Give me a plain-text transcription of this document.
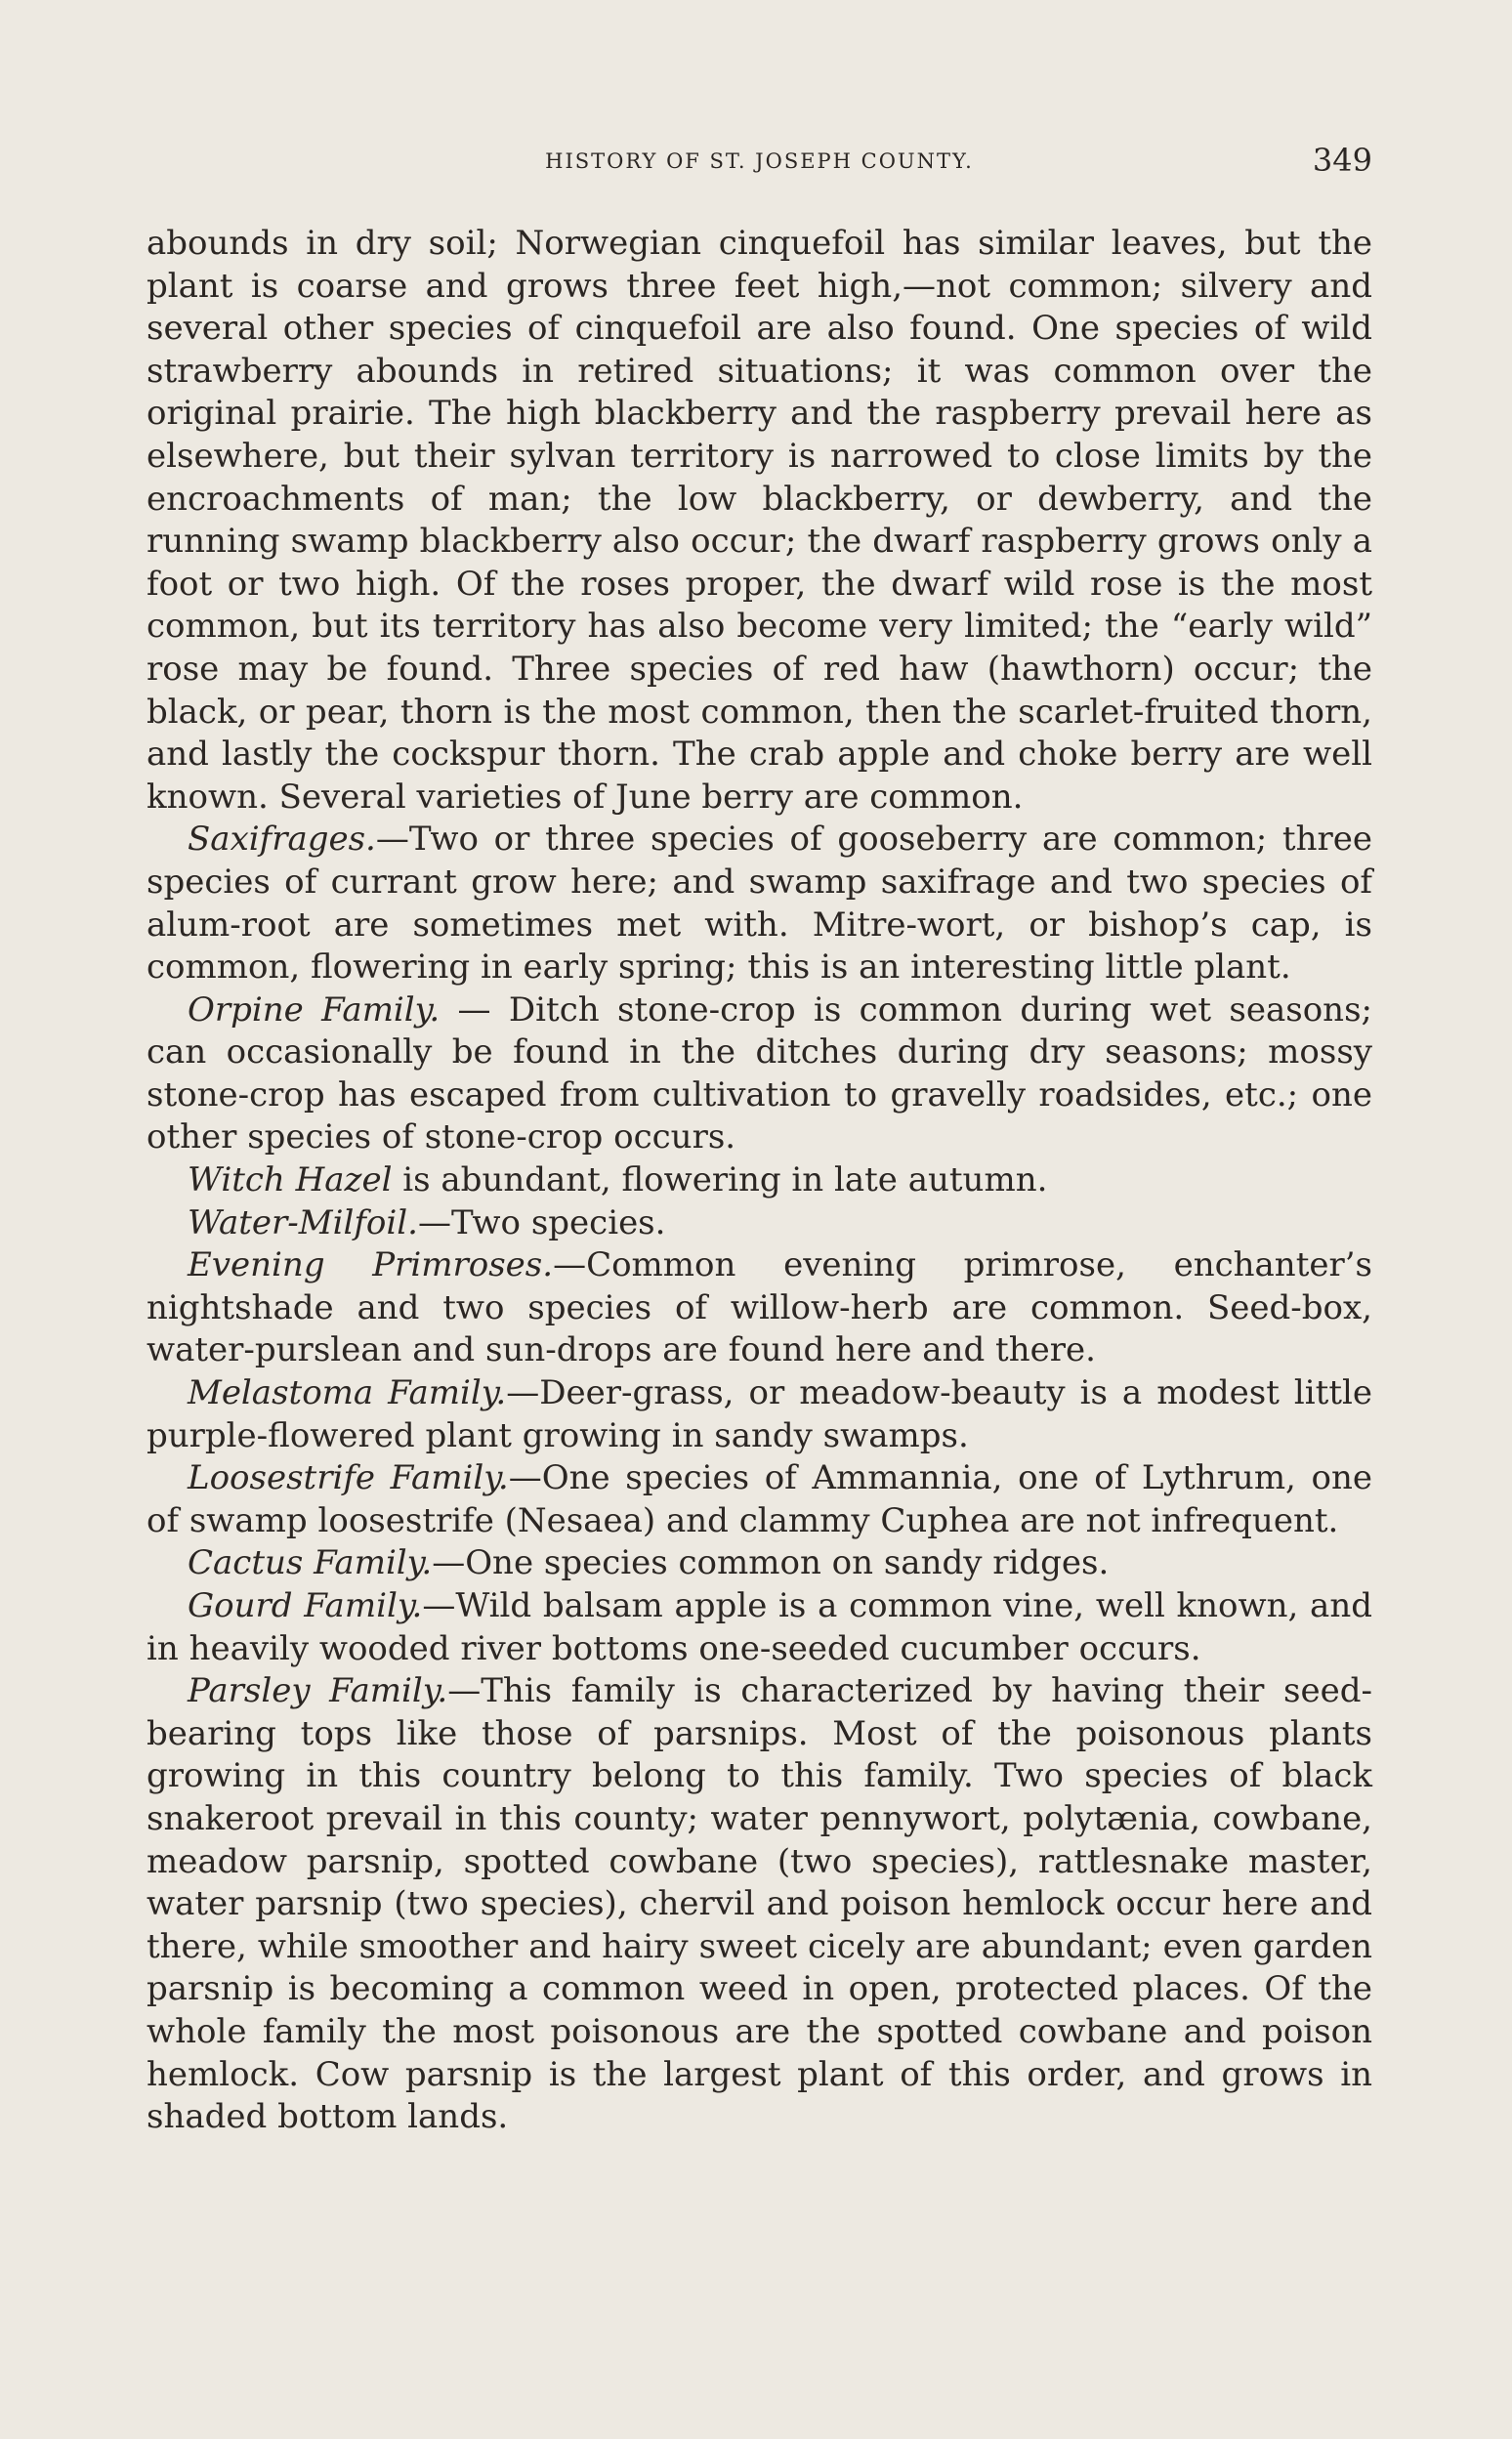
HISTORY OF ST. JOSEPH COUNTY.	349

abounds in dry soil; Norwegian cinquefoil has similar leaves, but the plant is coarse and grows three feet high,—not common; silvery and several other species of cinquefoil are also found. One species of wild strawberry abounds in retired situations; it was common over the original prairie. The high blackberry and the raspberry prevail here as elsewhere, but their sylvan territory is narrowed to close limits by the encroachments of man; the low blackberry, or dewberry, and the running swamp blackberry also occur; the dwarf raspberry grows only a foot or two high. Of the roses proper, the dwarf wild rose is the most common, but its territory has also become very limited; the “early wild” rose may be found. Three species of red haw (hawthorn) occur; the black, or pear, thorn is the most common, then the scarlet-fruited thorn, and lastly the cockspur thorn. The crab apple and choke berry are well known. Several varieties of June berry are common.

Saxifrages.—Two or three species of gooseberry are common; three species of currant grow here; and swamp saxifrage and two species of alum-root are sometimes met with. Mitre-wort, or bishop’s cap, is common, flowering in early spring; this is an interesting little plant.

Orpine Family. — Ditch stone-crop is common during wet seasons; can occasionally be found in the ditches during dry seasons; mossy stone-crop has escaped from cultivation to gravelly roadsides, etc.; one other species of stone-crop occurs.

Witch Hazel is abundant, flowering in late autumn.

Water-Milfoil.—Two species.

Evening Primroses.—Common evening primrose, enchanter’s nightshade and two species of willow-herb are common. Seed-box, water-purslean and sun-drops are found here and there.

Melastoma Family.—Deer-grass, or meadow-beauty is a modest little purple-flowered plant growing in sandy swamps.

Loosestrife Family.—One species of Ammannia, one of Lythrum, one of swamp loosestrife (Nesaea) and clammy Cuphea are not infrequent.

Cactus Family.—One species common on sandy ridges.

Gourd Family.—Wild balsam apple is a common vine, well known, and in heavily wooded river bottoms one-seeded cucumber occurs.

Parsley Family.—This family is characterized by having their seed-bearing tops like those of parsnips. Most of the poisonous plants growing in this country belong to this family. Two species of black snakeroot prevail in this county; water pennywort, polytænia, cowbane, meadow parsnip, spotted cowbane (two species), rattlesnake master, water parsnip (two species), chervil and poison hemlock occur here and there, while smoother and hairy sweet cicely are abundant; even garden parsnip is becoming a common weed in open, protected places. Of the whole family the most poisonous are the spotted cowbane and poison hemlock. Cow parsnip is the largest plant of this order, and grows in shaded bottom lands.
